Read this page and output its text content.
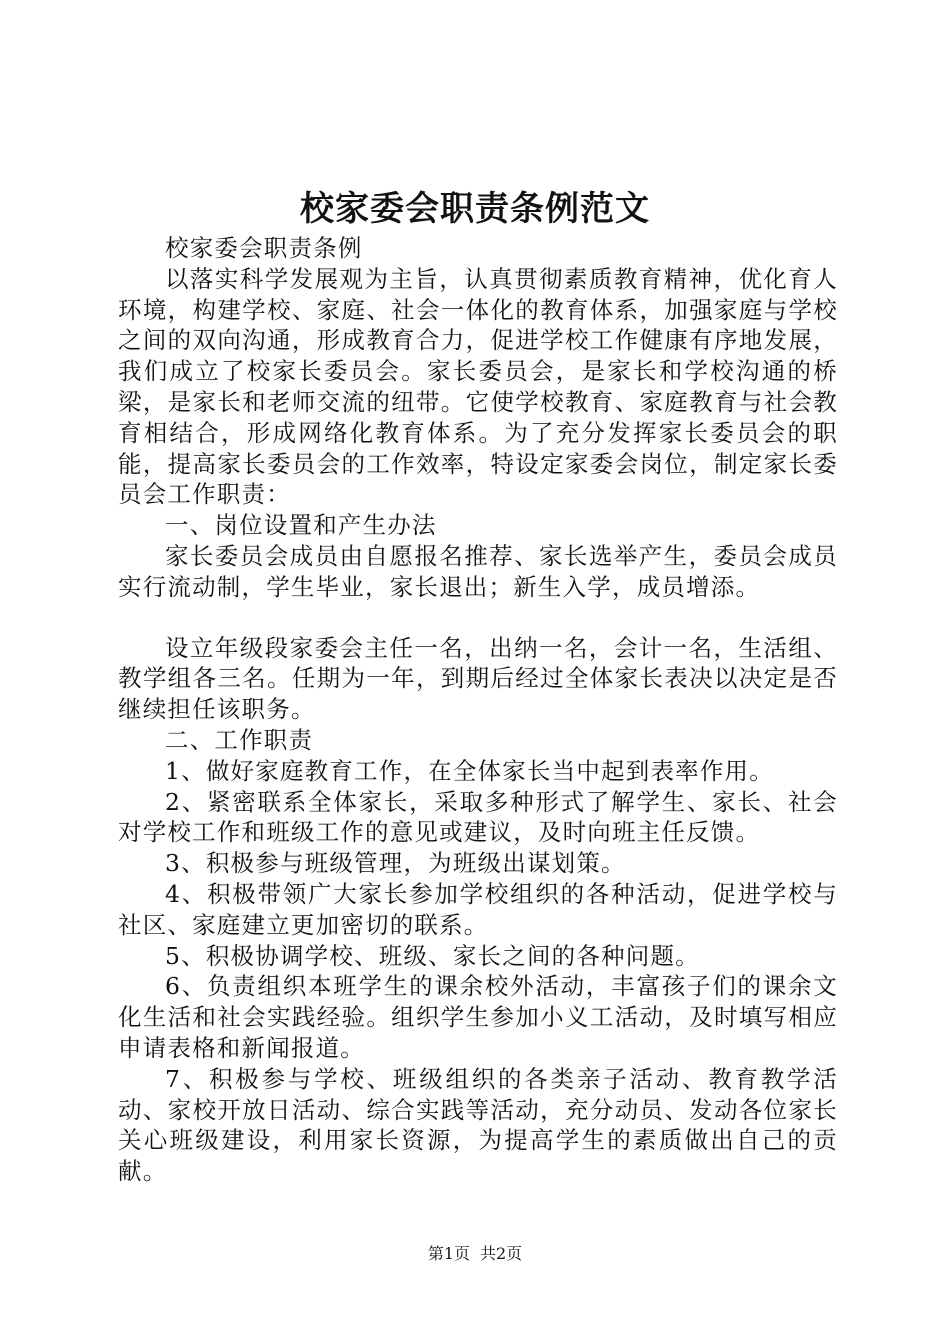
校家委会职责条例范文

校家委会职责条例

以落实科学发展观为主旨，认真贯彻素质教育精神，优化育人环境，构建学校、家庭、社会一体化的教育体系，加强家庭与学校之间的双向沟通，形成教育合力，促进学校工作健康有序地发展，我们成立了校家长委员会。家长委员会，是家长和学校沟通的桥梁，是家长和老师交流的纽带。它使学校教育、家庭教育与社会教育相结合，形成网络化教育体系。为了充分发挥家长委员会的职能，提高家长委员会的工作效率，特设定家委会岗位，制定家长委员会工作职责：

一、岗位设置和产生办法

家长委员会成员由自愿报名推荐、家长选举产生，委员会成员实行流动制，学生毕业，家长退出；新生入学，成员增添。

设立年级段家委会主任一名，出纳一名，会计一名，生活组、教学组各三名。任期为一年，到期后经过全体家长表决以决定是否继续担任该职务。

二、工作职责

1、做好家庭教育工作，在全体家长当中起到表率作用。

2、紧密联系全体家长，采取多种形式了解学生、家长、社会对学校工作和班级工作的意见或建议，及时向班主任反馈。

3、积极参与班级管理，为班级出谋划策。

4、积极带领广大家长参加学校组织的各种活动，促进学校与社区、家庭建立更加密切的联系。

5、积极协调学校、班级、家长之间的各种问题。

6、负责组织本班学生的课余校外活动，丰富孩子们的课余文化生活和社会实践经验。组织学生参加小义工活动，及时填写相应申请表格和新闻报道。

7、积极参与学校、班级组织的各类亲子活动、教育教学活动、家校开放日活动、综合实践等活动，充分动员、发动各位家长关心班级建设，利用家长资源，为提高学生的素质做出自己的贡献。

第1页 共2页
